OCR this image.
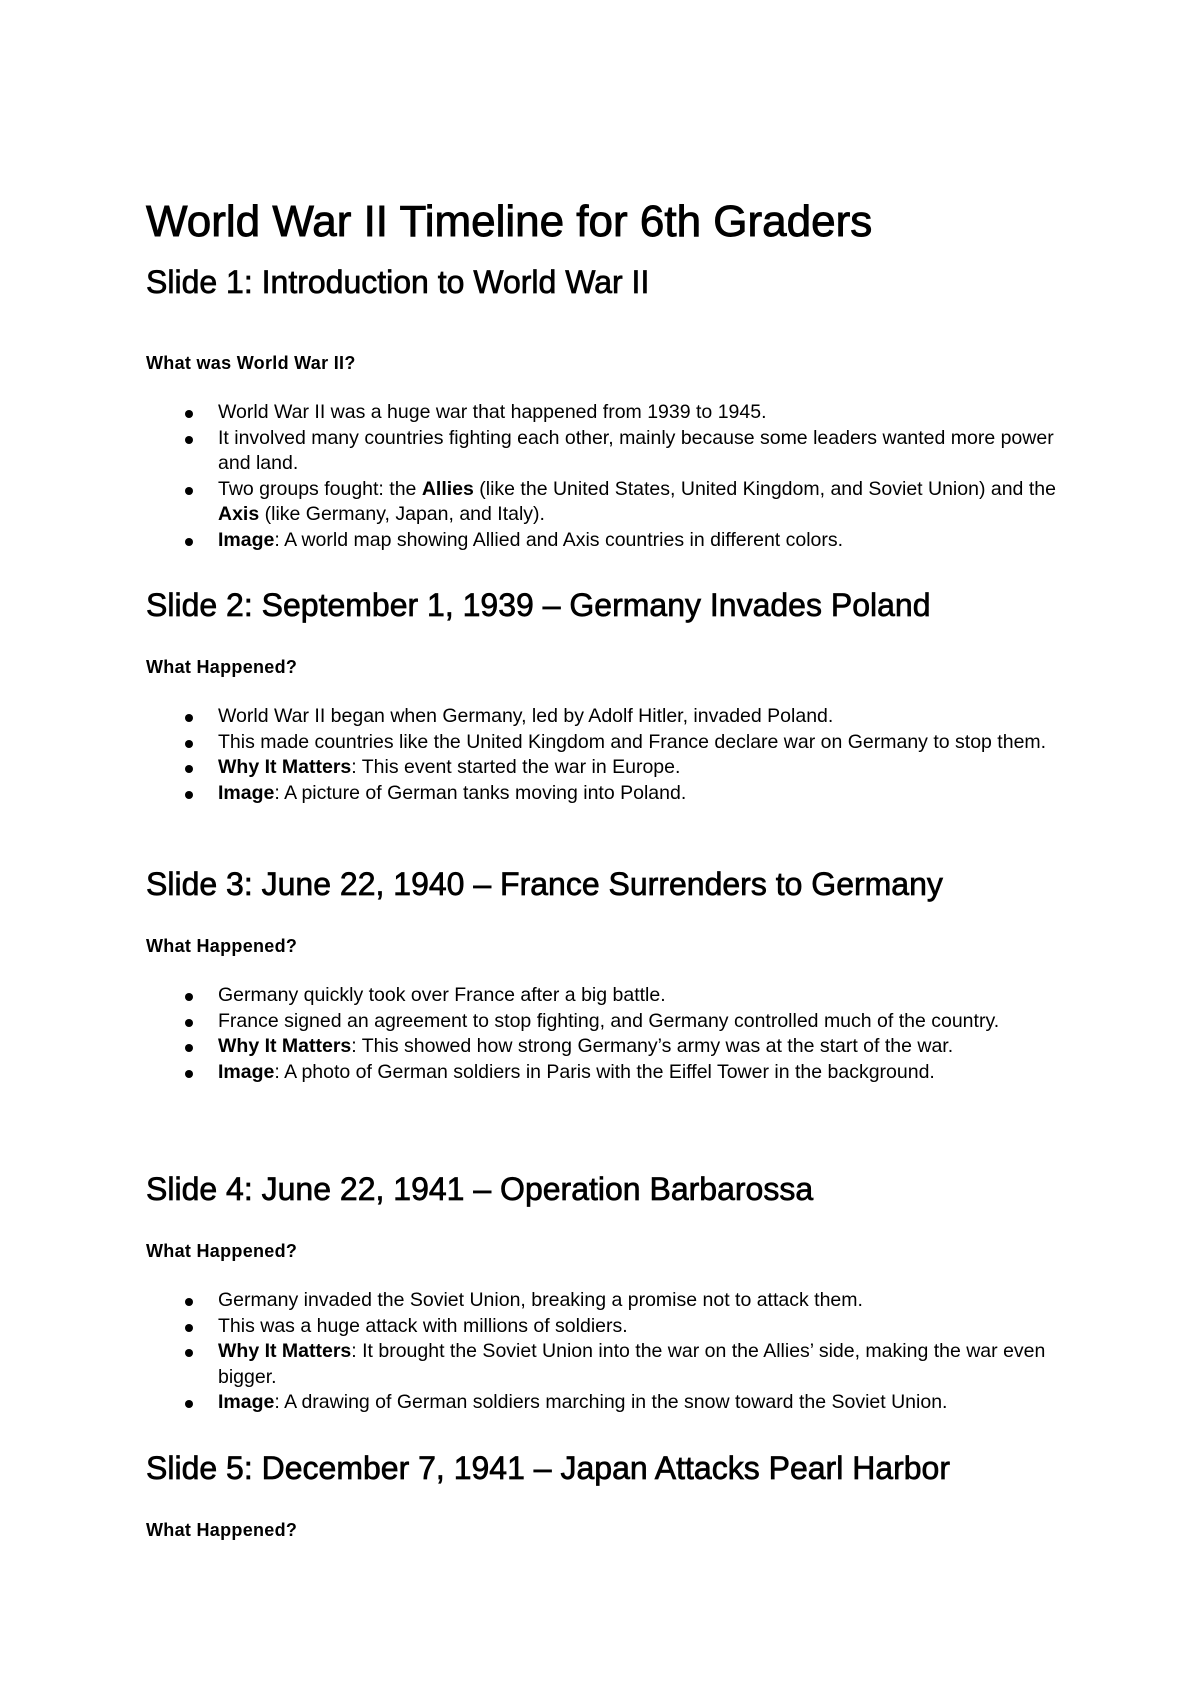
World War II Timeline for 6th Graders
Slide 1: Introduction to World War II
What was World War II?
World War II was a huge war that happened from 1939 to 1945.
It involved many countries fighting each other, mainly because some leaders wanted more power and land.
Two groups fought: the Allies (like the United States, United Kingdom, and Soviet Union) and the Axis (like Germany, Japan, and Italy).
Image: A world map showing Allied and Axis countries in different colors.
Slide 2: September 1, 1939 – Germany Invades Poland
What Happened?
World War II began when Germany, led by Adolf Hitler, invaded Poland.
This made countries like the United Kingdom and France declare war on Germany to stop them.
Why It Matters: This event started the war in Europe.
Image: A picture of German tanks moving into Poland.
Slide 3: June 22, 1940 – France Surrenders to Germany
What Happened?
Germany quickly took over France after a big battle.
France signed an agreement to stop fighting, and Germany controlled much of the country.
Why It Matters: This showed how strong Germany’s army was at the start of the war.
Image: A photo of German soldiers in Paris with the Eiffel Tower in the background.
Slide 4: June 22, 1941 – Operation Barbarossa
What Happened?
Germany invaded the Soviet Union, breaking a promise not to attack them.
This was a huge attack with millions of soldiers.
Why It Matters: It brought the Soviet Union into the war on the Allies’ side, making the war even bigger.
Image: A drawing of German soldiers marching in the snow toward the Soviet Union.
Slide 5: December 7, 1941 – Japan Attacks Pearl Harbor
What Happened?
